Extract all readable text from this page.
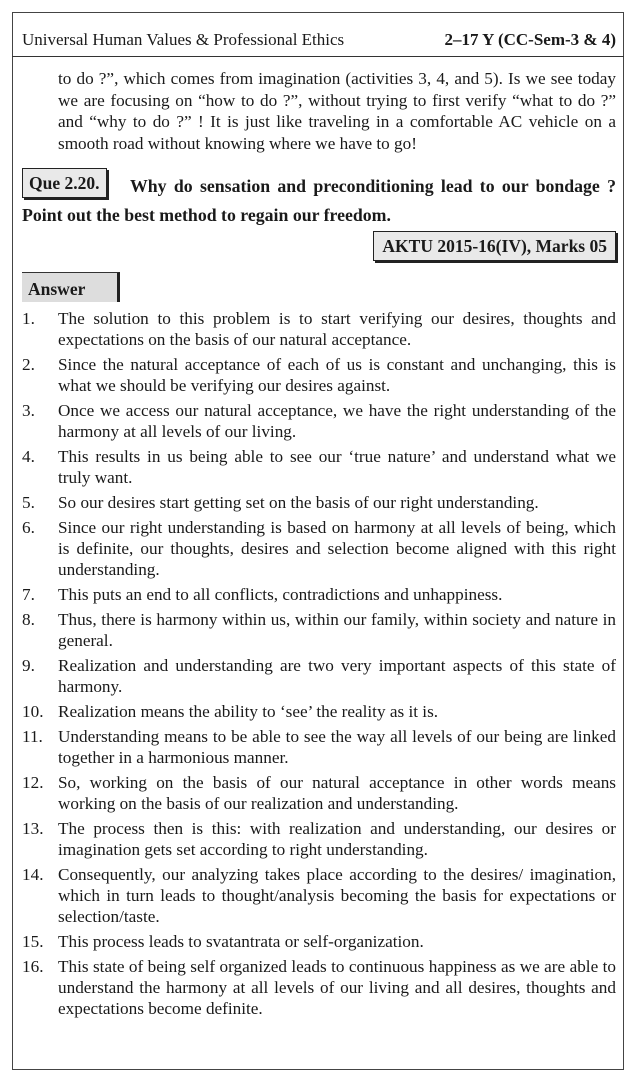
Universal Human Values & Professional Ethics	2–17 Y (CC-Sem-3 & 4)

to do ?”, which comes from imagination (activities 3, 4, and 5). Is we see today we are focusing on “how to do ?”, without trying to first verify “what to do ?” and “why to do ?” ! It is just like traveling in a comfortable AC vehicle on a smooth road without knowing where we have to go!

Why do sensation and preconditioning lead to our bondage ? Point out the best method to regain our freedom.

Que 2.20.
AKTU 2015-16(IV), Marks 05
Answer
1.	The solution to this problem is to start verifying our desires, thoughts and expectations on the basis of our natural acceptance.
2.	Since the natural acceptance of each of us is constant and unchanging, this is what we should be verifying our desires against.
3.	Once we access our natural acceptance, we have the right understanding of the harmony at all levels of our living.
4.	This results in us being able to see our ‘true nature’ and understand what we truly want.
5.	So our desires start getting set on the basis of our right understanding.
6.	Since our right understanding is based on harmony at all levels of being, which is definite, our thoughts, desires and selection become aligned with this right understanding.
7.	This puts an end to all conflicts, contradictions and unhappiness.
8.	Thus, there is harmony within us, within our family, within society and nature in general.
9.	Realization and understanding are two very important aspects of this state of harmony.
10. Realization means the ability to ‘see’ the reality as it is.
11. Understanding means to be able to see the way all levels of our being are linked together in a harmonious manner.
12. So, working on the basis of our natural acceptance in other words means working on the basis of our realization and understanding.
13. The process then is this: with realization and understanding, our desires or imagination gets set according to right understanding.
14. Consequently, our analyzing takes place according to the desires/ imagination, which in turn leads to thought/analysis becoming the basis for expectations or selection/taste.
15. This process leads to svatantrata or self-organization.
16. This state of being self organized leads to continuous happiness as we are able to understand the harmony at all levels of our living and all desires, thoughts and expectations become definite.
